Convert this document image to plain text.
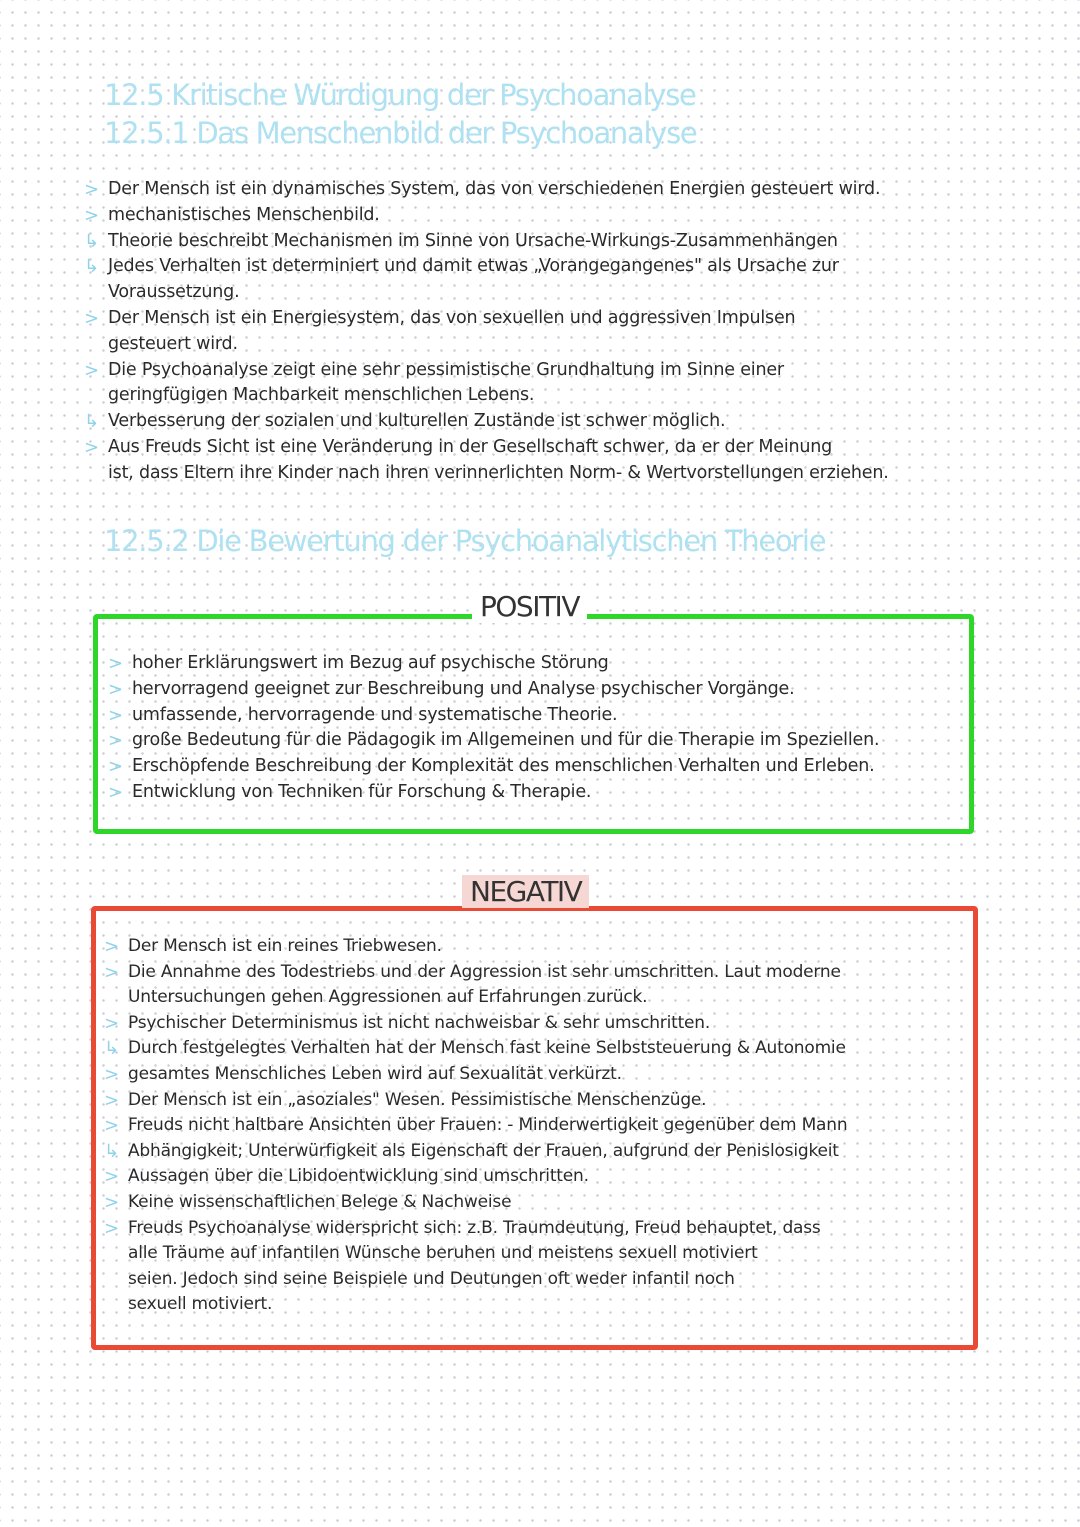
12.5 Kritische Würdigung der Psychoanalyse
12.5.1 Das Menschenbild der Psychoanalyse
> Der Mensch ist ein dynamisches System, das von verschiedenen Energien gesteuert wird.
> mechanistisches Menschenbild.
↳ Theorie beschreibt Mechanismen im Sinne von Ursache-Wirkungs-Zusammenhängen
↳ Jedes Verhalten ist determiniert und damit etwas „Vorangegangenes" als Ursache zur
Voraussetzung.
> Der Mensch ist ein Energiesystem, das von sexuellen und aggressiven Impulsen
gesteuert wird.
> Die Psychoanalyse zeigt eine sehr pessimistische Grundhaltung im Sinne einer
geringfügigen Machbarkeit menschlichen Lebens.
↳ Verbesserung der sozialen und kulturellen Zustände ist schwer möglich.
> Aus Freuds Sicht ist eine Veränderung in der Gesellschaft schwer, da er der Meinung
ist, dass Eltern ihre Kinder nach ihren verinnerlichten Norm- & Wertvorstellungen erziehen.
12.5.2 Die Bewertung der Psychoanalytischen Theorie
POSITIV
> hoher Erklärungswert im Bezug auf psychische Störung
> hervorragend geeignet zur Beschreibung und Analyse psychischer Vorgänge.
> umfassende, hervorragende und systematische Theorie.
> große Bedeutung für die Pädagogik im Allgemeinen und für die Therapie im Speziellen.
> Erschöpfende Beschreibung der Komplexität des menschlichen Verhalten und Erleben.
> Entwicklung von Techniken für Forschung & Therapie.
NEGATIV
> Der Mensch ist ein reines Triebwesen.
> Die Annahme des Todestriebs und der Aggression ist sehr umschritten. Laut moderne
Untersuchungen gehen Aggressionen auf Erfahrungen zurück.
> Psychischer Determinismus ist nicht nachweisbar & sehr umschritten.
↳ Durch festgelegtes Verhalten hat der Mensch fast keine Selbststeuerung & Autonomie
> gesamtes Menschliches Leben wird auf Sexualität verkürzt.
> Der Mensch ist ein „asoziales" Wesen. Pessimistische Menschenzüge.
> Freuds nicht haltbare Ansichten über Frauen: - Minderwertigkeit gegenüber dem Mann
↳ Abhängigkeit; Unterwürfigkeit als Eigenschaft der Frauen, aufgrund der Penislosigkeit
> Aussagen über die Libidoentwicklung sind umschritten.
> Keine wissenschaftlichen Belege & Nachweise
> Freuds Psychoanalyse widerspricht sich: z.B. Traumdeutung, Freud behauptet, dass
alle Träume auf infantilen Wünsche beruhen und meistens sexuell motiviert
seien. Jedoch sind seine Beispiele und Deutungen oft weder infantil noch
sexuell motiviert.
